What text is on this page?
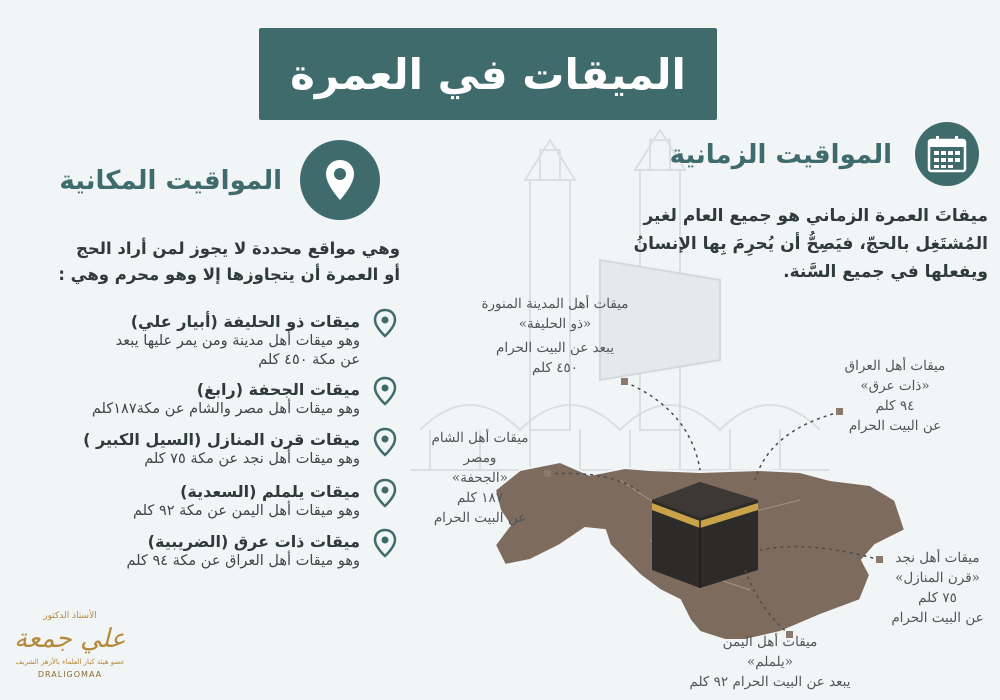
الميقات في العمرة
المواقيت الزمانية
ميقاتَ العمرة الزماني هو جميع العام لغير
المُشتَغِل بالحجّ، فيَصِحُّ أن يُحرِمَ بِها الإنسانُ
ويفعلها في جميع السَّنة.
المواقيت المكانية
وهي مواقع محددة لا يجوز لمن أراد الحج
أو العمرة أن يتجاوزها إلا وهو محرم وهي :
ميقات ذو الحليفة (أبيار علي)
وهو ميقات أهل مدينة ومن يمر عليها يبعد
عن مكة ٤٥٠ كلم
ميقات الجحفة (رابغ)
وهو ميقات أهل مصر والشام عن مكة١٨٧كلم
ميقات قرن المنازل (السيل الكبير )
وهو ميقات أهل نجد عن مكة ٧٥ كلم
ميقات يلملم (السعدية)
وهو ميقات أهل اليمن عن مكة ٩٢ كلم
ميقات ذات عرق (الضريبية)
وهو ميقات أهل العراق عن مكة ٩٤ كلم
ميقات أهل المدينة المنورة
«ذو الحليفة»
يبعد عن البيت الحرام
٤٥٠ كلم	ميقات أهل العراق
«ذات عرق»
٩٤ كلم
عن البيت الحرام
ميقات أهل الشام
ومصر
«الجحفة»
١٨٧ كلم
عن البيت الحرام
ميقات أهل نجد
«قرن المنازل»
٧٥ كلم
عن البيت الحرام
ميقات أهل اليمن
«يلملم»
يبعد عن البيت الحرام ٩٢ كلم
الأستاذ الدكتور
علي جمعة
عضو هيئة كبار العلماء بالأزهر الشريف
DRALIGOMAA
